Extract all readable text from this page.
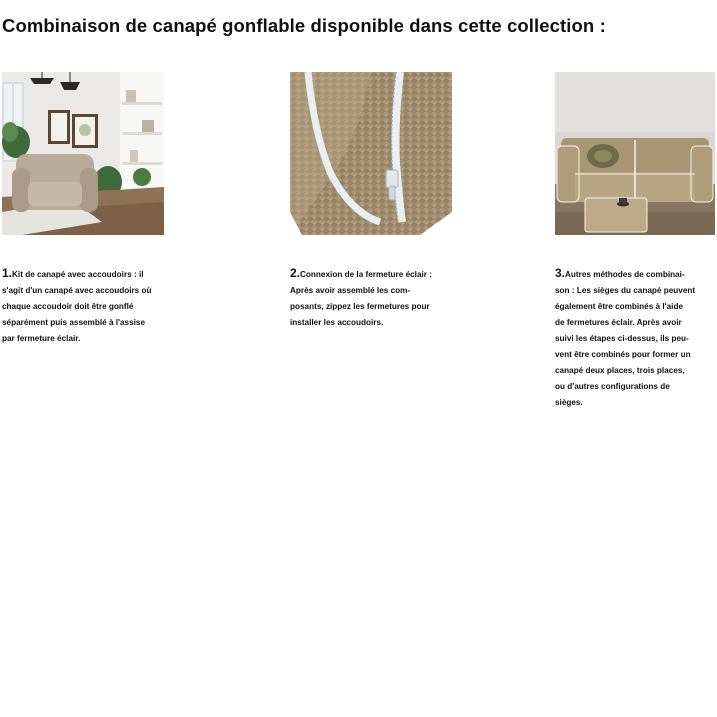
Combinaison de canapé gonflable disponible dans cette collection :
1.Kit de canapé avec accoudoirs : il
s'agit d'un canapé avec accoudoirs où
chaque accoudoir doit être gonflé
séparément puis assemblé à l'assise
par fermeture éclair.
2.Connexion de la fermeture éclair :
Après avoir assemblé les com-
posants, zippez les fermetures pour
installer les accoudoirs.
3.Autres méthodes de combinai-
son : Les sièges du canapé peuvent
également être combinés à l'aide
de fermetures éclair. Après avoir
suivi les étapes ci-dessus, ils peu-
vent être combinés pour former un
canapé deux places, trois places,
ou d'autres configurations de
sièges.
